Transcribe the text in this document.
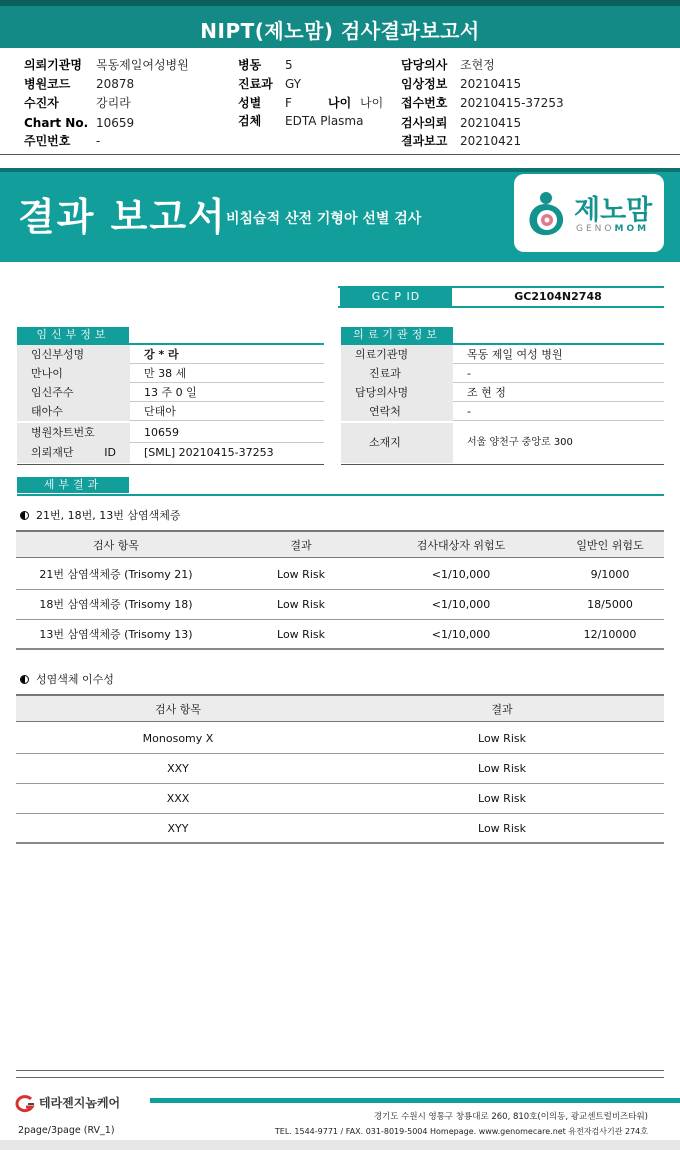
NIPT(제노맘) 검사결과보고서
의뢰기관명 목동제일여성병원	병동 5	담당의사 조현정
병원코드 20878	진료과 GY	임상정보 20210415
수진자	강리라	성별 F	나이 나이 접수번호 20210415-37253
Chart No. 10659	검체 EDTA Plasma	검사의뢰 20210415
주민번호 -	결과보고 20210421
결과 보고서 비침습적 산전 기형아 선별 검사	제노맘
GENOMOM
GC P ID	GC2104N2748
임신부정보
임신부성명	강 * 라
만나이	만 38 세
임신주수	13 주 0 일
태아수	단태아
병원차트번호	10659
의뢰재단 ID	[SML] 20210415-37253
의료기관정보
의료기관명	목동 제일 여성 병원
진료과	-
담당의사명	조 현 정
연락처	-
소재지	서울 양천구 중앙로 300
세부결과
21번, 18번, 13번 삼염색체증
검사 항목	결과	검사대상자 위험도	일반인 위험도
21번 삼염색체증 (Trisomy 21)	Low Risk	<1/10,000	9/1000
18번 삼염색체증 (Trisomy 18)	Low Risk	<1/10,000	18/5000
13번 삼염색체증 (Trisomy 13)	Low Risk	<1/10,000	12/10000
성염색체 이수성
검사 항목	결과
Monosomy X	Low Risk
XXY	Low Risk
XXX	Low Risk
XYY	Low Risk
테라젠지놈케어
경기도 수원시 영통구 창룡대로 260, 810호(이의동, 광교센트럴비즈타워)
TEL. 1544-9771 / FAX. 031-8019-5004 Homepage. www.genomecare.net 유전자검사기관 274호
2page/3page (RV_1)
